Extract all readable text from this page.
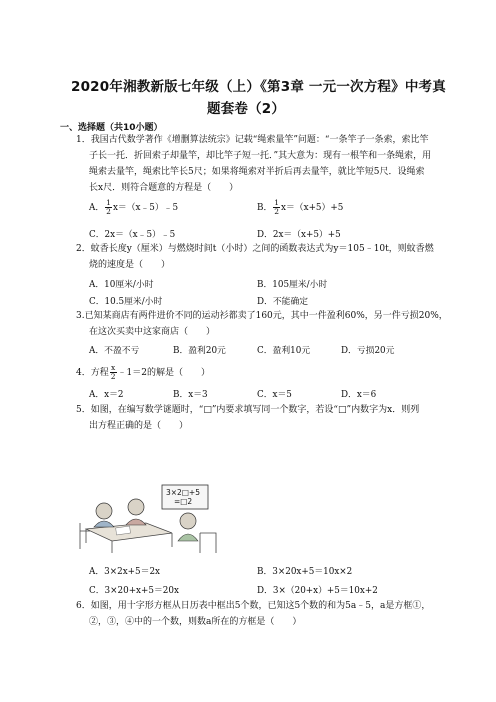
2020年湘教新版七年级（上）《第3章 一元一次方程》中考真
题套卷（2）
一、选择题（共10小题）
1．我国古代数学著作《增删算法统宗》记载“绳索量竿”问题：“一条竿子一条索，索比竿
子长一托．折回索子却量竿，却比竿子短一托．”其大意为：现有一根竿和一条绳索，用
绳索去量竿，绳索比竿长5尺；如果将绳索对半折后再去量竿，就比竿短5尺．设绳索
长x尺．则符合题意的方程是（　　）
A． $\frac{1}{2}$ x＝（x﹣5）﹣5	B． $\frac{1}{2} x=(x+5)+5$
C．2x＝（x﹣5）﹣5	D．2x＝（x+5）+5
2．蚊香长度y（厘米）与燃烧时间t（小时）之间的函数表达式为y＝105﹣10t，则蚊香燃
烧的速度是（　　）
A．10厘米/小时	B．105厘米/小时
C．10.5厘米/小时	D．不能确定
3.已知某商店有两件进价不同的运动衫都卖了160元，其中一件盈利60%，另一件亏损20%，
在这次买卖中这家商店（　　）
A．不盈不亏	B．盈利20元	C．盈利10元	D．亏损20元
4．方程 $\frac{x}{2}$ ﹣1＝2的解是（　　）
A．x＝2	B．x＝3	C．x＝5	D．x＝6
5．如图，在编写数学谜题时，“□”内要求填写同一个数字，若设“□”内数字为x．则列
出方程正确的是（　　）
3×2□+5
=□2
A．3×2x+5＝2x	B．3×20x+5＝10x×2
C．3×20+x+5＝20x	D．3×（20+x）+5＝10x+2
6．如图，用十字形方框从日历表中框出5个数，已知这5个数的和为5a﹣5，a是方框①，
②，③，④中的一个数，则数a所在的方框是（　　）
